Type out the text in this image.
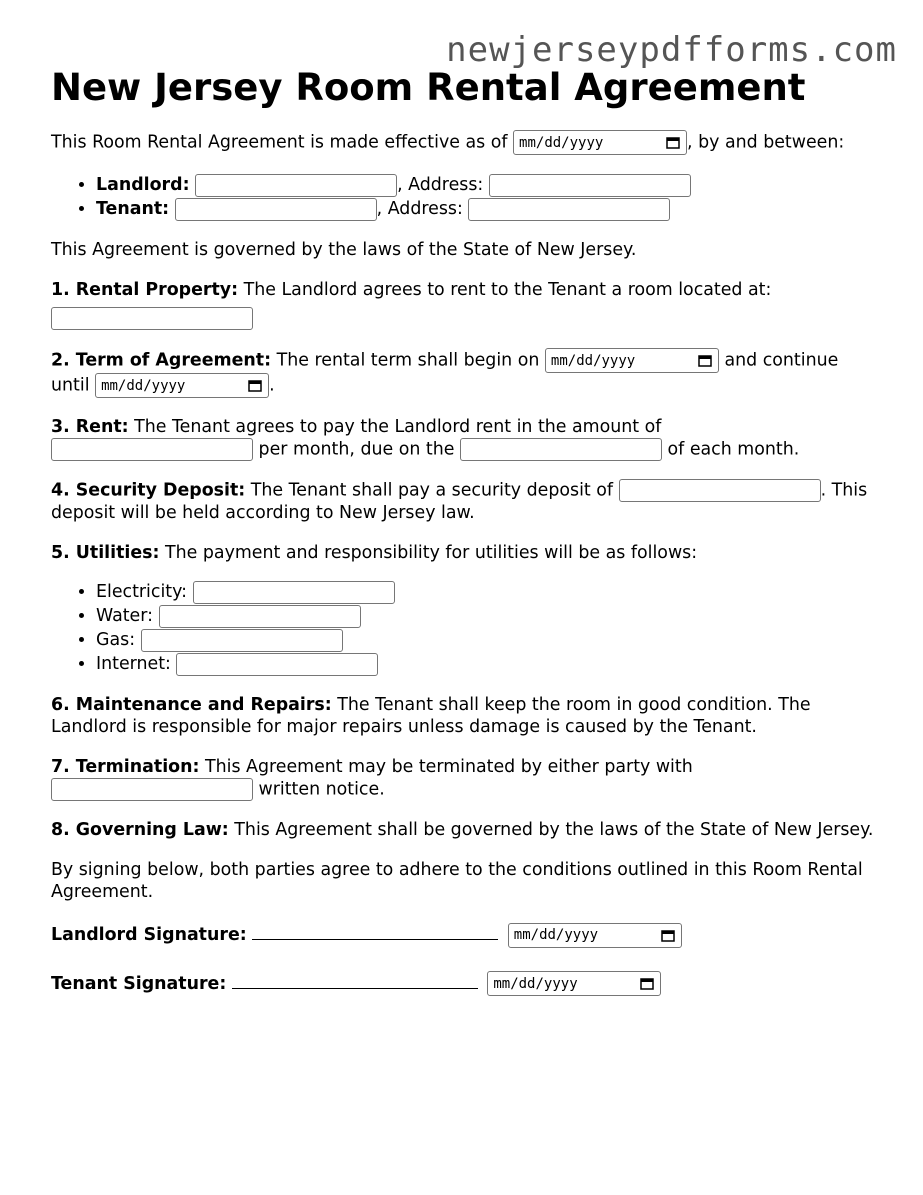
newjerseypdfforms.com
New Jersey Room Rental Agreement

This Room Rental Agreement is made effective as of mm/dd/yyyy	, by and between:

• Landlord:	, Address:
• Tenant:	, Address:

This Agreement is governed by the laws of the State of New Jersey.

1. Rental Property: The Landlord agrees to rent to the Tenant a room located at:

2. Term of Agreement: The rental term shall begin on mm/dd/yyyy	and continue until mm/dd/yyyy	.

3. Rent: The Tenant agrees to pay the Landlord rent in the amount of
per month, due on the	of each month.

4. Security Deposit: The Tenant shall pay a security deposit of	. This deposit will be held according to New Jersey law.

5. Utilities: The payment and responsibility for utilities will be as follows:

• Electricity:
• Water:
• Gas:
• Internet:

6. Maintenance and Repairs: The Tenant shall keep the room in good condition. The Landlord is responsible for major repairs unless damage is caused by the Tenant.

7. Termination: This Agreement may be terminated by either party with
written notice.

8. Governing Law: This Agreement shall be governed by the laws of the State of New Jersey.

By signing below, both parties agree to adhere to the conditions outlined in this Room Rental Agreement.

Landlord Signature:	mm/dd/yyyy

Tenant Signature:	mm/dd/yyyy
